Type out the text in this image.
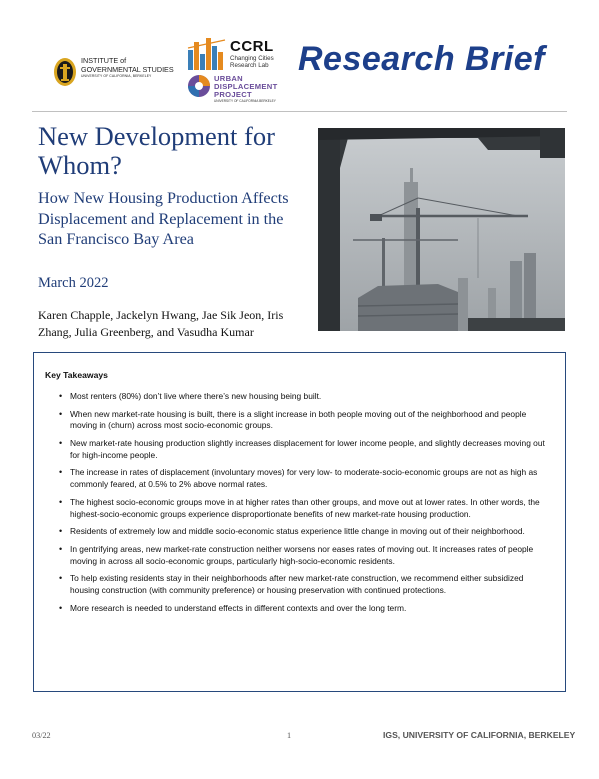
INSTITUTE of
GOVERNMENTAL STUDIES
UNIVERSITY OF CALIFORNIA, BERKELEY
CCRL
Changing Cities
Research Lab
URBAN
DISPLACEMENT
PROJECT
UNIVERSITY OF CALIFORNIA BERKELEY
Research Brief
New Development for Whom?
How New Housing Production Affects Displacement and Replacement in the San Francisco Bay Area
March 2022
Karen Chapple, Jackelyn Hwang, Jae Sik Jeon, Iris Zhang, Julia Greenberg, and Vasudha Kumar
Key Takeaways
• Most renters (80%) don’t live where there’s new housing being built.
• When new market-rate housing is built, there is a slight increase in both people moving out of the neighborhood and people moving in (churn) across most socio-economic groups.
• New market-rate housing production slightly increases displacement for lower income people, and slightly decreases moving out for high-income people.
• The increase in rates of displacement (involuntary moves) for very low- to moderate-socio-economic groups are not as high as commonly feared, at 0.5% to 2% above normal rates.
• The highest socio-economic groups move in at higher rates than other groups, and move out at lower rates. In other words, the highest-socio-economic groups experience disproportionate benefits of new market-rate housing production.
• Residents of extremely low and middle socio-economic status experience little change in moving out of their neighborhood.
• In gentrifying areas, new market-rate construction neither worsens nor eases rates of moving out. It increases rates of people moving in across all socio-economic groups, particularly high-socio-economic residents.
• To help existing residents stay in their neighborhoods after new market-rate construction, we recommend either subsidized housing construction (with community preference) or housing preservation with continued protections.
• More research is needed to understand effects in different contexts and over the long term.
03/22	1	IGS, UNIVERSITY OF CALIFORNIA, BERKELEY
